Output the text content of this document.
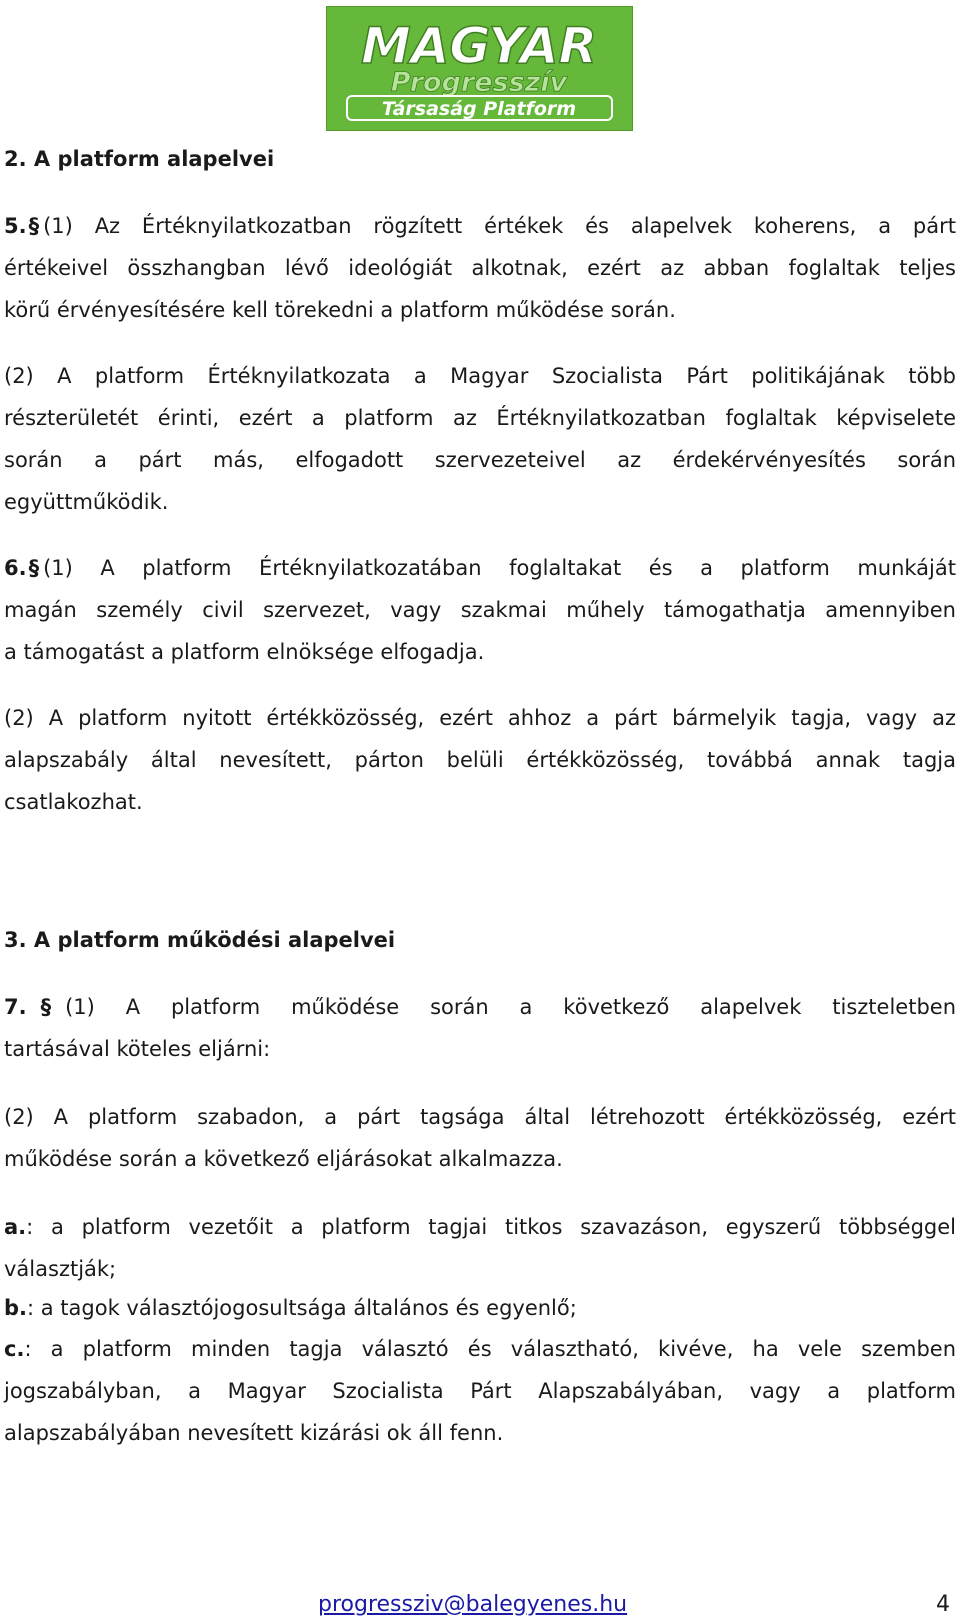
MAGYAR
Progresszív
Társaság Platform
2. A platform alapelvei
5.§ (1) Az Értéknyilatkozatban rögzített értékek és alapelvek koherens, a párt
értékeivel összhangban lévő ideológiát alkotnak, ezért az abban foglaltak teljes
körű érvényesítésére kell törekedni a platform működése során.
(2) A platform Értéknyilatkozata a Magyar Szocialista Párt politikájának több
részterületét érinti, ezért a platform az Értéknyilatkozatban foglaltak képviselete
során a párt más, elfogadott szervezeteivel az érdekérvényesítés során
együttműködik.
6.§ (1) A platform Értéknyilatkozatában foglaltakat és a platform munkáját
magán személy civil szervezet, vagy szakmai műhely támogathatja amennyiben
a támogatást a platform elnöksége elfogadja.
(2) A platform nyitott értékközösség, ezért ahhoz a párt bármelyik tagja, vagy az
alapszabály által nevesített, párton belüli értékközösség, továbbá annak tagja
csatlakozhat.
3. A platform működési alapelvei
7. § (1) A platform működése során a következő alapelvek tiszteletben
tartásával köteles eljárni:
(2) A platform szabadon, a párt tagsága által létrehozott értékközösség, ezért
működése során a következő eljárásokat alkalmazza.
a.: a platform vezetőit a platform tagjai titkos szavazáson, egyszerű többséggel
választják;
b.: a tagok választójogosultsága általános és egyenlő;
c.: a platform minden tagja választó és választható, kivéve, ha vele szemben
jogszabályban, a Magyar Szocialista Párt Alapszabályában, vagy a platform
alapszabályában nevesített kizárási ok áll fenn.
progressziv@balegyenes.hu	4
